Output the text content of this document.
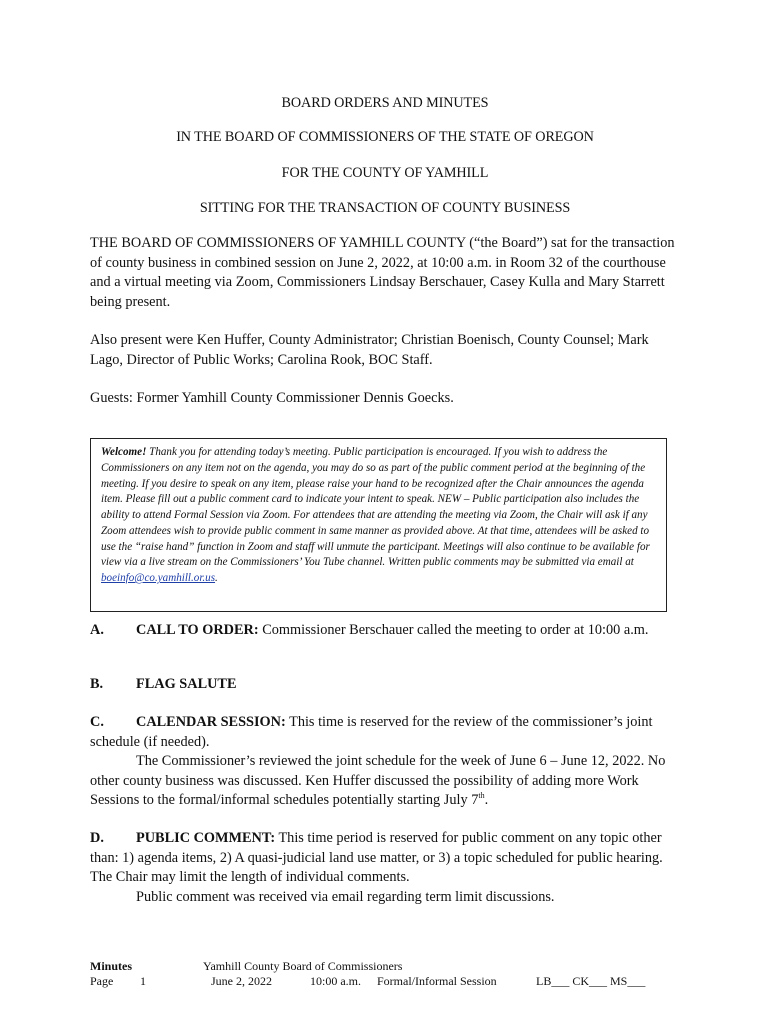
BOARD ORDERS AND MINUTES
IN THE BOARD OF COMMISSIONERS OF THE STATE OF OREGON
FOR THE COUNTY OF YAMHILL
SITTING FOR THE TRANSACTION OF COUNTY BUSINESS

THE BOARD OF COMMISSIONERS OF YAMHILL COUNTY (“the Board”) sat for the transaction of county business in combined session on June 2, 2022, at 10:00 a.m. in Room 32 of the courthouse and a virtual meeting via Zoom, Commissioners Lindsay Berschauer, Casey Kulla and Mary Starrett being present.

Also present were Ken Huffer, County Administrator; Christian Boenisch, County Counsel; Mark Lago, Director of Public Works; Carolina Rook, BOC Staff.

Guests: Former Yamhill County Commissioner Dennis Goecks.

Welcome! Thank you for attending today’s meeting. Public participation is encouraged. If you wish to address the Commissioners on any item not on the agenda, you may do so as part of the public comment period at the beginning of the meeting. If you desire to speak on any item, please raise your hand to be recognized after the Chair announces the agenda item. Please fill out a public comment card to indicate your intent to speak. NEW – Public participation also includes the ability to attend Formal Session via Zoom. For attendees that are attending the meeting via Zoom, the Chair will ask if any Zoom attendees wish to provide public comment in same manner as provided above. At that time, attendees will be asked to use the “raise hand” function in Zoom and staff will unmute the participant. Meetings will also continue to be available for view via a live stream on the Commissioners’ You Tube channel. Written public comments may be submitted via email at boeinfo@co.yamhill.or.us.

A. CALL TO ORDER: Commissioner Berschauer called the meeting to order at 10:00 a.m.

B. FLAG SALUTE

C. CALENDAR SESSION: This time is reserved for the review of the commissioner’s joint schedule (if needed).
The Commissioner’s reviewed the joint schedule for the week of June 6 – June 12, 2022. No other county business was discussed. Ken Huffer discussed the possibility of adding more Work Sessions to the formal/informal schedules potentially starting July 7th.

D. PUBLIC COMMENT: This time period is reserved for public comment on any topic other than: 1) agenda items, 2) A quasi-judicial land use matter, or 3) a topic scheduled for public hearing. The Chair may limit the length of individual comments.
Public comment was received via email regarding term limit discussions.

Minutes	Yamhill County Board of Commissioners
Page 1	June 2, 2022	10:00 a.m. Formal/Informal Session	LB___ CK___ MS___
